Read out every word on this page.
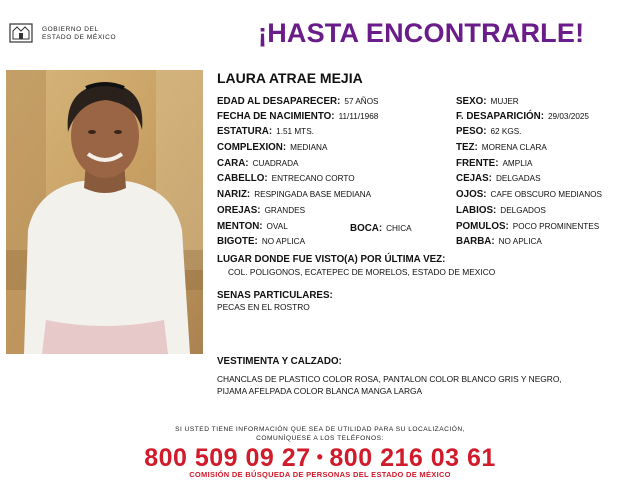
GOBIERNO DEL
ESTADO DE MÉXICO	¡HASTA ENCONTRARLE!
LAURA ATRAE MEJIA
EDAD AL DESAPARECER: 57 AÑOS
FECHA DE NACIMIENTO: 11/11/1968
ESTATURA: 1.51 MTS.
COMPLEXION: MEDIANA
CARA: CUADRADA
CABELLO: ENTRECANO CORTO
NARIZ: RESPINGADA BASE MEDIANA
OREJAS: GRANDES
MENTON: OVAL
BIGOTE: NO APLICA
BOCA: CHICA
SEXO: MUJER
F. DESAPARICIÓN: 29/03/2025
PESO: 62 KGS.
TEZ: MORENA CLARA
FRENTE: AMPLIA
CEJAS: DELGADAS
OJOS: CAFE OBSCURO MEDIANOS
LABIOS: DELGADOS
POMULOS: POCO PROMINENTES
BARBA: NO APLICA
LUGAR DONDE FUE VISTO(A) POR ÚLTIMA VEZ:
COL. POLIGONOS, ECATEPEC DE MORELOS, ESTADO DE MEXICO
SENAS PARTICULARES:
PECAS EN EL ROSTRO
VESTIMENTA Y CALZADO:
CHANCLAS DE PLASTICO COLOR ROSA, PANTALON COLOR BLANCO GRIS Y NEGRO,
PIJAMA AFELPADA COLOR BLANCA MANGA LARGA
SI USTED TIENE INFORMACIÓN QUE SEA DE UTILIDAD PARA SU LOCALIZACIÓN,
COMUNÍQUESE A LOS TELÉFONOS:
800 509 09 27 • 800 216 03 61
COMISIÓN DE BÚSQUEDA DE PERSONAS DEL ESTADO DE MÉXICO
